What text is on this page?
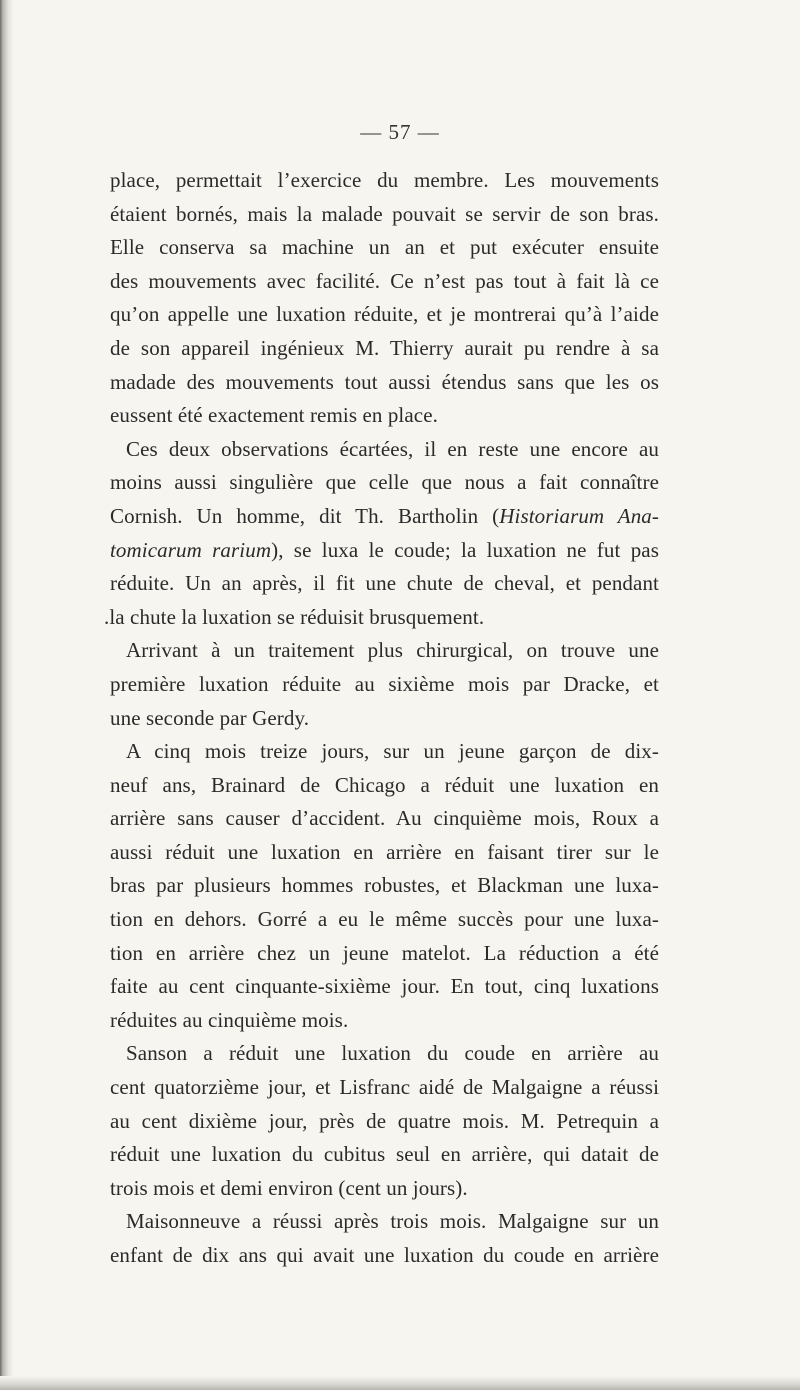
— 57 —
place, permettait l’exercice du membre. Les mouvements
étaient bornés, mais la malade pouvait se servir de son bras.
Elle conserva sa machine un an et put exécuter ensuite
des mouvements avec facilité. Ce n’est pas tout à fait là ce
qu’on appelle une luxation réduite, et je montrerai qu’à l’aide
de son appareil ingénieux M. Thierry aurait pu rendre à sa
madade des mouvements tout aussi étendus sans que les os
eussent été exactement remis en place.
Ces deux observations écartées, il en reste une encore au
moins aussi singulière que celle que nous a fait connaître
Cornish. Un homme, dit Th. Bartholin (Historiarum Ana-
tomicarum rarium), se luxa le coude; la luxation ne fut pas
réduite. Un an après, il fit une chute de cheval, et pendant
.la chute la luxation se réduisit brusquement.
Arrivant à un traitement plus chirurgical, on trouve une
première luxation réduite au sixième mois par Dracke, et
une seconde par Gerdy.
A cinq mois treize jours, sur un jeune garçon de dix-
neuf ans, Brainard de Chicago a réduit une luxation en
arrière sans causer d’accident. Au cinquième mois, Roux a
aussi réduit une luxation en arrière en faisant tirer sur le
bras par plusieurs hommes robustes, et Blackman une luxa-
tion en dehors. Gorré a eu le même succès pour une luxa-
tion en arrière chez un jeune matelot. La réduction a été
faite au cent cinquante-sixième jour. En tout, cinq luxations
réduites au cinquième mois.
Sanson a réduit une luxation du coude en arrière au
cent quatorzième jour, et Lisfranc aidé de Malgaigne a réussi
au cent dixième jour, près de quatre mois. M. Petrequin a
réduit une luxation du cubitus seul en arrière, qui datait de
trois mois et demi environ (cent un jours).
Maisonneuve a réussi après trois mois. Malgaigne sur un
enfant de dix ans qui avait une luxation du coude en arrière
